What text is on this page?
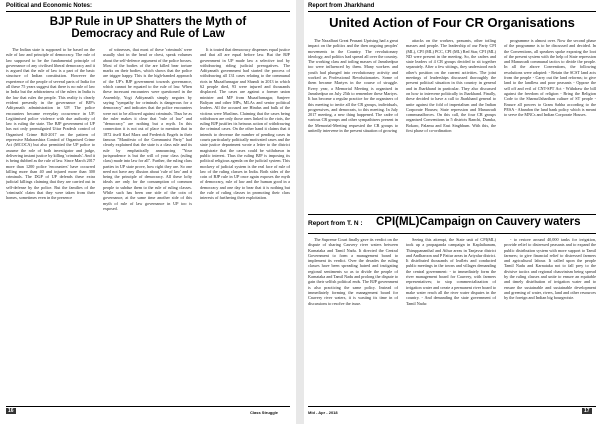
Political and Economic Notes:
BJP Rule in UP Shatters the Myth of Democracy and Rule of Law

The Indian state is supposed to be based on the rule of law and principle of democracy. The rule of law supposed to be the fundamental principle of governance of any civilised liberal democracy and it is argued that the rule of law is a part of the basic structure of Indian constitution. However the experience of the people of several parts of India for all these 75 years suggest that there is no rule of law in India but the arbitrariness of the rulers in India is the law that rules the people. This reality is clearly evident presently in the governance of BJP's Adityanath administration in UP. The police encounters became everyday occurrence in UP. Legitimised police violence with due authority of law is ruling the state. The BJP government of UP has not only promulgated Uttar Pradesh control of Organised Crime Bill-2017 on the pattern of repressive Maharashtra Control of Organised Crime Act (MCOCA) but also permitted the UP police to assume the role of both investigator and judge, delivering instant justice by killing 'criminals'. And it is being dubbed as the rule of law. Since March 2017 more than 1200 police 'encounters' have occurred killing more than 40 and injured more than 300 criminals. The DGP of UP defends these extra judicial killings claiming that they are carried out in self-defense by the police. But the families of the 'criminals' claim that they were taken from their homes, sometimes even in the presence

of witnesses, that most of these 'criminals' were usually shot in the head or chest, speak volumes about the self-defence argument of the police bosses. Most of the bodies of the are killed bear torture marks on their bodies, which shows that the police are trigger happy. This is the high-handed approach of the UP's BJP government towards governance, which cannot be equated to the rule of law. When these incessant encounters were questioned in the Assembly, Yogi Adityanath simply negates by saying "sympathy for criminals is dangerous for a democracy" and indicates that the police encounters were not to be allowed against criminals. Thus he as the ruler makes it clear that "rule of law" and "democracy" are nothing but a myth. In this connection it is not out of place to mention that in 1872 itself Karl Marx and Frederick Engels in their famous "Manifesto of the Communist Party" had clearly explained that the state is a class rule and its rule by emphatically announcing "Your jurisprudence is but the will of your class (ruling class) made into law for all". Further, the ruling class parties in UP state prove, how right they are. So one need not have any illusion about 'rule of law' and it being the principle of democracy. All these lofty ideals are only for the consumption of common people to subdue them to the rule of ruling classes. While such has been one side of the coin of governance, at the same time another side of this myth of rule of law governance in UP too is exposed.

It is touted that democracy dispenses equal justice and that all are equal before law. But the BJP government in UP made law a selective tool by withdrawing riding judicial prerogatives. The Adityanath government had started the process of withdrawing all 131 cases relating to the communal riots in Muzaffarnagar and Shamli in 2013 in which 62 people died, 93 were injured and thousands displaced. The cases are against a former union minister and MP from Muzaffarnagar, Sanjeev Baliyan and other MPs, MLAs and senior political leaders. All the accused are Hindus and bulk of the victims were Muslims. Claiming that the cases being withdrawn are only those ones linked to the riots, the ruling BJP justifies its heinous action of withdrawing the criminal cases. On the other hand it claims that it intends to decrease the number of pending cases in courts particularly politically motivated cases and the state justice department wrote a letter to the district magistrate that the cases could be withdrawn in public interest. Thus the ruling BJP is imposing its political religious agenda on the judicial system. This mockery of judicial system is the real face of rule of law of the ruling classes in India. Both sides of the coin of BJP rule in UP once again exposes the myth of democracy, rule of law and the human good in a democracy and one day to bear that it is nothing but the rule of ruling classes in promoting their class interests of furthering their exploitation.

16	Class Struggle
Report from Jharkhand
United Action of Four CR Organisations

The Naxalbari Great Peasant Uprising had a great impact on the politics and the then ongoing peoples' movements in the Country. The revolutionary ideology, and politics had spread all over the country. The working class and toiling masses of Jamshedpur too were influenced by them. Many workers and youth had plunged into revolutionary activity and worked as Professional Revolutionaries. Some of them became Martyrs in the course of struggle. Every year, a Memorial Meeting is organised in Jamshedpur on July 25th to remember these Martyrs. It has become a regular practice for the organisers of this meeting to invite all the CR groups, individuals, progressives, and democrats, to this meeting. In July 2017 meeting, a new thing happened. The cadre of various CR groups and other sympathisers present in the Memorial-Meeting requested the CR groups to unitedly intervene in the present situation of growing

attacks on the workers, peasants, other toiling masses and people. The leadership of our Party CPI (ML), CPI (ML) PCC, CPI (ML) Red Star, CPI (ML) ND were present in the meeting. So, the cadres and state leaders of 4 CR groups decided to sit together separately. After a few sittings, they understood each other's position on the current activities. The joint meetings of leaderships discussed thoroughly the present political situation in this country in general and in Jharkhand in particular. They also discussed on how to intervene politically in Jharkhand. Finally, these decided to have a call to Jharkhand general to unite against the fold of imperialism and the Indian Corporate Houses; State repression and Manuwadi communalforces. On this call, the four CR groups organised Conventions in 5 districts Ranchi, Dumka, Bokaro, Palamu and East Singbhum. With this, the first phase of co-ordination

programme is almost over. Now the second phase of the programme is to be discussed and decided. In the Conventions, all speakers spoke exposing the loot of the present system with the help of State repression and Manuwadi communal tactics to divide the people. In all the above Conventions, the following resolutions were adopted: - Retain the SCST land acts from the people - Carry out the land reforms; to give land to the landless and poor peasants - Oppose the sell off and evil of CNT-SPT Act - Withdraw the bill against the freedom of religion - Bring the Religion Code to the Sharna/Jaharthan culture of ST people - Ensure all powers to Gram Sabha according to the PESA - Abandon the land bank policy which is meant to serve the MNCs and Indian Corporate Houses.

Report from T. N : CPI(ML)Campaign on Cauvery waters

The Supreme Court finally gave its verdict on the dispute of sharing Cauvery river waters between Karnataka and Tamil Nadu. It directed the Central Government to form a management board to implement its verdict. Over the decades the ruling classes have been spreading hatred and instigating regional sentiments so as to divide the people of Karnataka and Tamil Nadu and prolong the dispute to gain their selfish political ends. The BJP government is also practicing the same policy. Instead of immediately forming the management board for Cauvery river waters, it is wasting its time in of discussions to resolve the issue.

Seeing this attempt, the State unit of CPI(ML) took up a propaganda campaign in Kaplathanam, Thiruppananthal and Athur areas in Tanjavur district and Andharoon and P Pattur areas in Ariyalur district. It distributed thousands of leaflets and conducted public meetings in the towns and villages demanding the central government: - to immediately form the river management board for Cauvery, with farmers representatives; to stop commercialization of irrigation water and create a permanent river board to make water reach all the river water disputes in the country. - And demanding the state government of Tamil Nadu:

- to restore around 40,000 tanks for irrigation, provide relief to distressed peasants and to expand the public distribution system with more support to Tamil farmers; to give financial relief to distressed farmers and agricultural labour. It called upon the people Tamil Nadu and Karnataka not to fall prey to the divisive tactics and regional chauvinism being spread by the ruling classes and unite to ensure an equitable and timely distribution of irrigation water and to ensure the sustainable and sustainable development and greening of water, rivers, land and other resources by the foreign and Indian big bourgeoisie.

Mid - Apr - 2018	17
